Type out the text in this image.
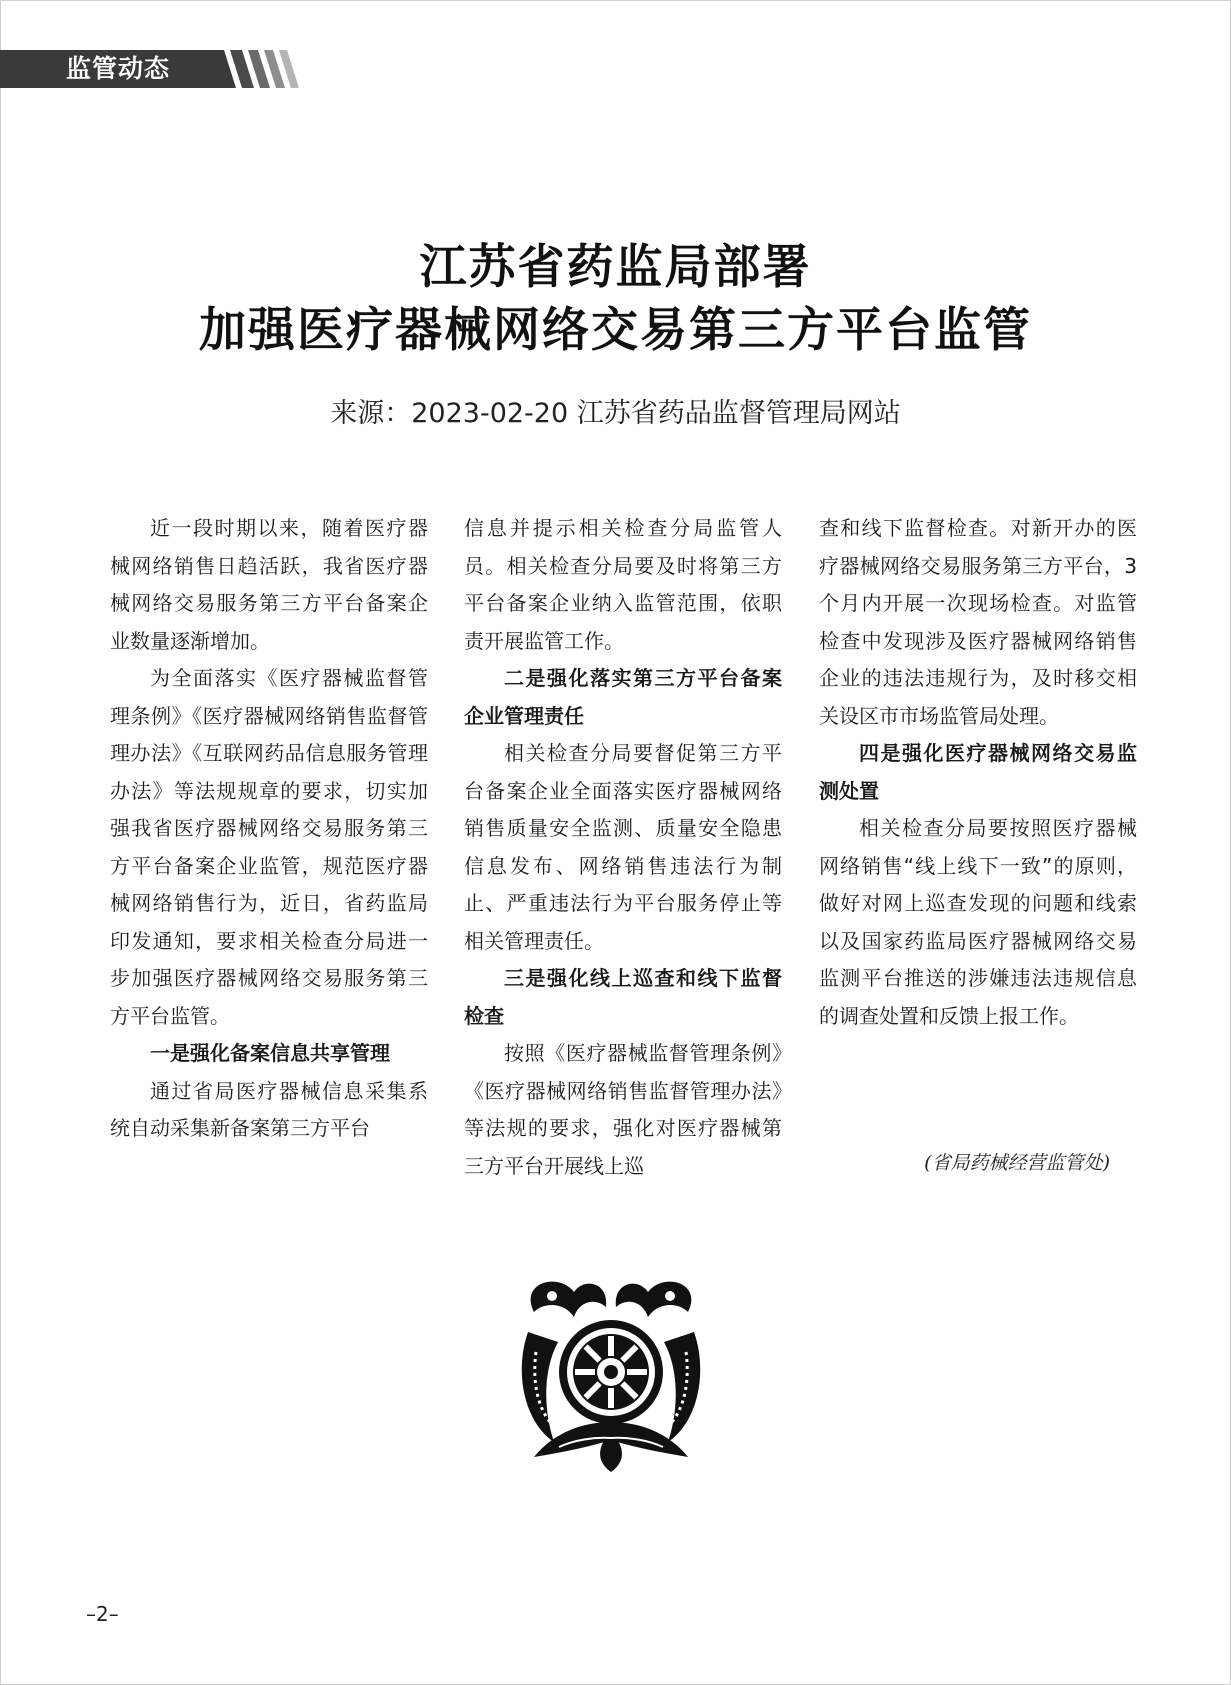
监管动态
江苏省药监局部署
加强医疗器械网络交易第三方平台监管
来源：2023-02-20 江苏省药品监督管理局网站

近一段时期以来，随着医疗器械网络销售日趋活跃，我省医疗器械网络交易服务第三方平台备案企业数量逐渐增加。

为全面落实《医疗器械监督管理条例》《医疗器械网络销售监督管理办法》《互联网药品信息服务管理办法》等法规规章的要求，切实加强我省医疗器械网络交易服务第三方平台备案企业监管，规范医疗器械网络销售行为，近日，省药监局印发通知，要求相关检查分局进一步加强医疗器械网络交易服务第三方平台监管。

一是强化备案信息共享管理

通过省局医疗器械信息采集系统自动采集新备案第三方平台

信息并提示相关检查分局监管人员。相关检查分局要及时将第三方平台备案企业纳入监管范围，依职责开展监管工作。

二是强化落实第三方平台备案企业管理责任

相关检查分局要督促第三方平台备案企业全面落实医疗器械网络销售质量安全监测、质量安全隐患信息发布、网络销售违法行为制止、严重违法行为平台服务停止等相关管理责任。

三是强化线上巡查和线下监督检查

按照《医疗器械监督管理条例》《医疗器械网络销售监督管理办法》等法规的要求，强化对医疗器械第三方平台开展线上巡

查和线下监督检查。对新开办的医疗器械网络交易服务第三方平台，3个月内开展一次现场检查。对监管检查中发现涉及医疗器械网络销售企业的违法违规行为，及时移交相关设区市市场监管局处理。

四是强化医疗器械网络交易监测处置

相关检查分局要按照医疗器械网络销售“线上线下一致”的原则，做好对网上巡查发现的问题和线索以及国家药监局医疗器械网络交易监测平台推送的涉嫌违法违规信息的调查处置和反馈上报工作。

(省局药械经营监管处)
–2–
